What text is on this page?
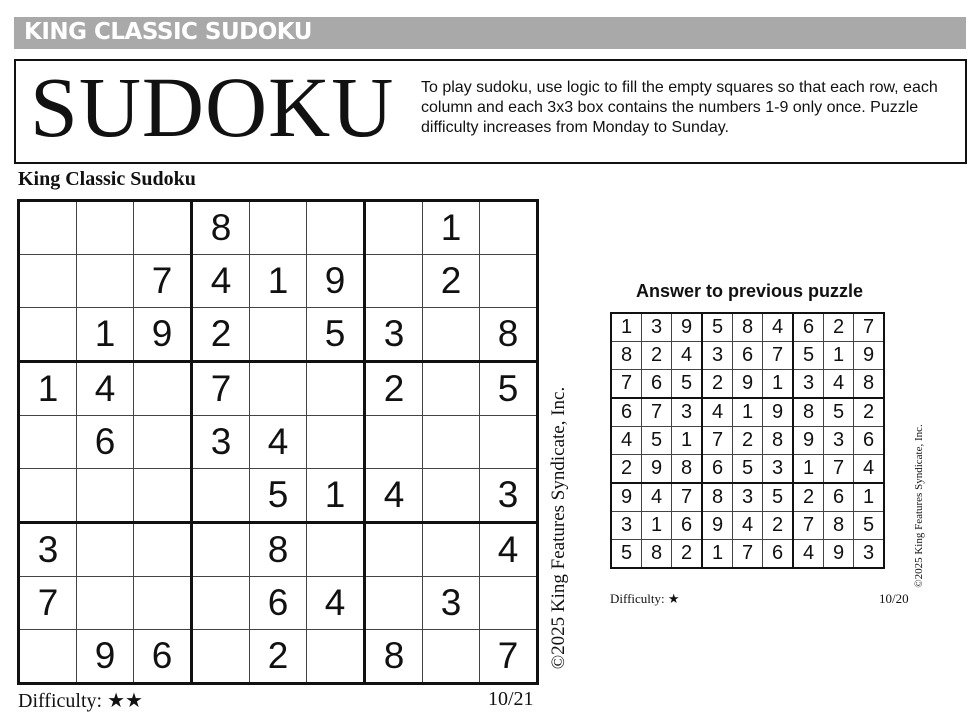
KING CLASSIC SUDOKU
SUDOKU To play sudoku, use logic to fill the empty squares so that each row, each column and each 3x3 box contains the numbers 1-9 only once. Puzzle difficulty increases from Monday to Sunday.
King Classic Sudoku
			8				1	
		7	4	1	9		2	
	1	9	2		5	3		8
1	4		7			2		5
	6		3	4				
				5	1	4		3
3				8				4
7				6	4		3	
	9	6		2		8		7
Difficulty: ★★	10/21
©2025 King Features Syndicate, Inc.
Answer to previous puzzle
1	3	9	5	8	4	6	2	7
8	2	4	3	6	7	5	1	9
7	6	5	2	9	1	3	4	8
6	7	3	4	1	9	8	5	2
4	5	1	7	2	8	9	3	6
2	9	8	6	5	3	1	7	4
9	4	7	8	3	5	2	6	1
3	1	6	9	4	2	7	8	5
5	8	2	1	7	6	4	9	3
Difficulty: ★	10/20
©2025 King Features Syndicate, Inc.
